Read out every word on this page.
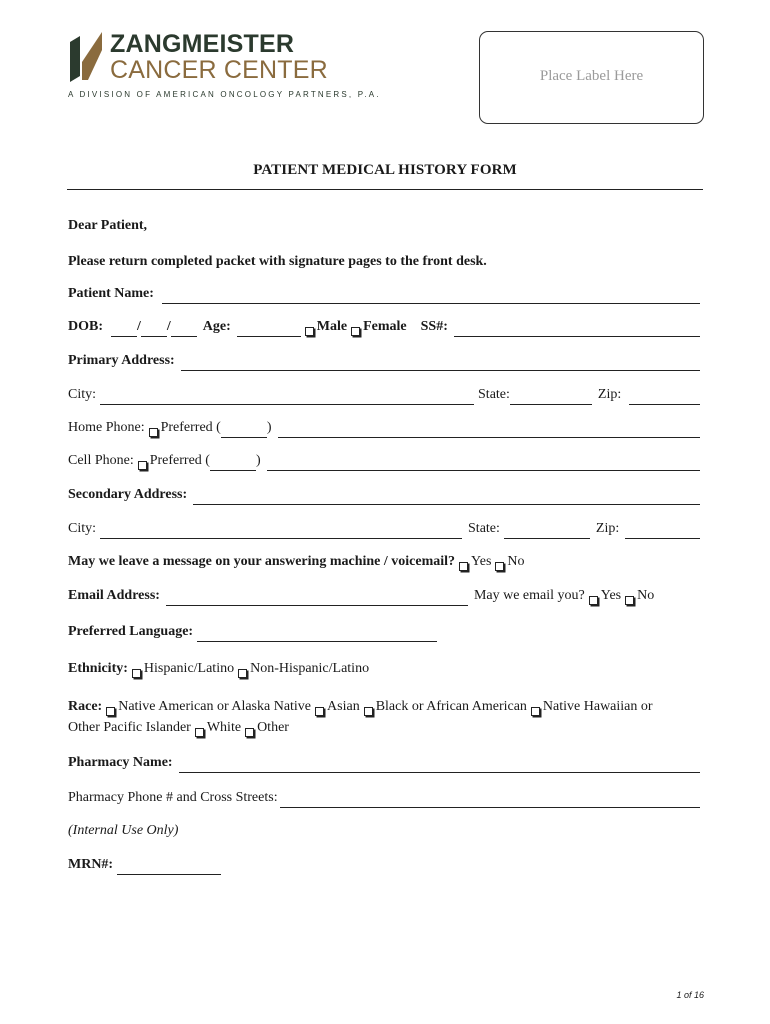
ZANGMEISTER
CANCER CENTER
A DIVISION OF AMERICAN ONCOLOGY PARTNERS, P.A.
Place Label Here
PATIENT MEDICAL HISTORY FORM
Dear Patient,
Please return completed packet with signature pages to the front desk.
Patient Name:
DOB: / / Age:	Male Female SS#:
Primary Address:
City:	State:	Zip:
Home Phone: Preferred (	)
Cell Phone: Preferred (	)
Secondary Address:
City:	State:	Zip:
May we leave a message on your answering machine / voicemail? Yes No
Email Address:	May we email you? Yes No
Preferred Language:
Ethnicity: Hispanic/Latino Non-Hispanic/Latino
Race: Native American or Alaska Native Asian Black or African American Native Hawaiian or
Other Pacific Islander White Other
Pharmacy Name:
Pharmacy Phone # and Cross Streets:
(Internal Use Only)
MRN#:
1 of 16
